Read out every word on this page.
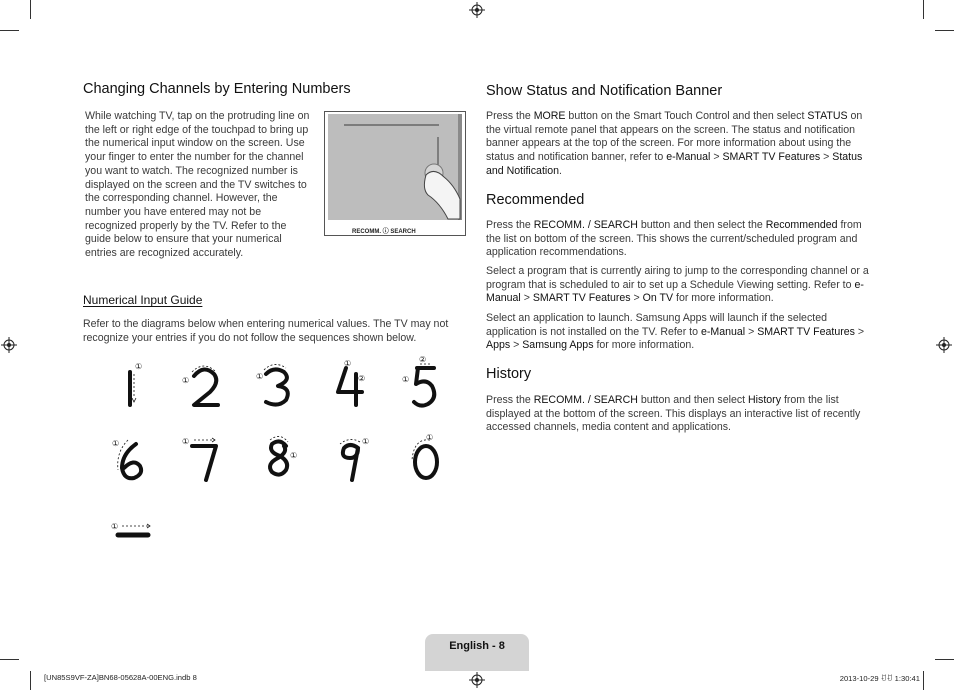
Changing Channels by Entering Numbers

While watching TV, tap on the protruding line on the left or right edge of the touchpad to bring up the numerical input window on the screen. Use your finger to enter the number for the channel you want to watch. The recognized number is displayed on the screen and the TV switches to the corresponding channel. However, the number you have entered may not be recognized properly by the TV. Refer to the guide below to ensure that your numerical entries are recognized accurately.

RECOMM. ⓘ SEARCH
Numerical Input Guide

Refer to the diagrams below when entering numerical values. The TV may not recognize your entries if you do not follow the sequences shown below.

①
①	①
①
②	①
②
①	①
①
①	①
①
Show Status and Notification Banner

Press the MORE button on the Smart Touch Control and then select STATUS on the virtual remote panel that appears on the screen. The status and notification banner appears at the top of the screen. For more information about using the status and notification banner, refer to e-Manual > SMART TV Features > Status and Notification.

Recommended

Press the RECOMM. / SEARCH button and then select the Recommended from the list on bottom of the screen. This shows the current/scheduled program and application recommendations.

Select a program that is currently airing to jump to the corresponding channel or a program that is scheduled to air to set up a Schedule Viewing setting. Refer to e-Manual > SMART TV Features > On TV for more information.

Select an application to launch. Samsung Apps will launch if the selected application is not installed on the TV. Refer to e-Manual > SMART TV Features > Apps > Samsung Apps for more information.

History

Press the RECOMM. / SEARCH button and then select History from the list displayed at the bottom of the screen. This displays an interactive list of recently accessed channels, media content and applications.

English - 8
[UN85S9VF-ZA]BN68-05628A-00ENG.indb 8	2013-10-29 ꀀꀀ 1:30:41
